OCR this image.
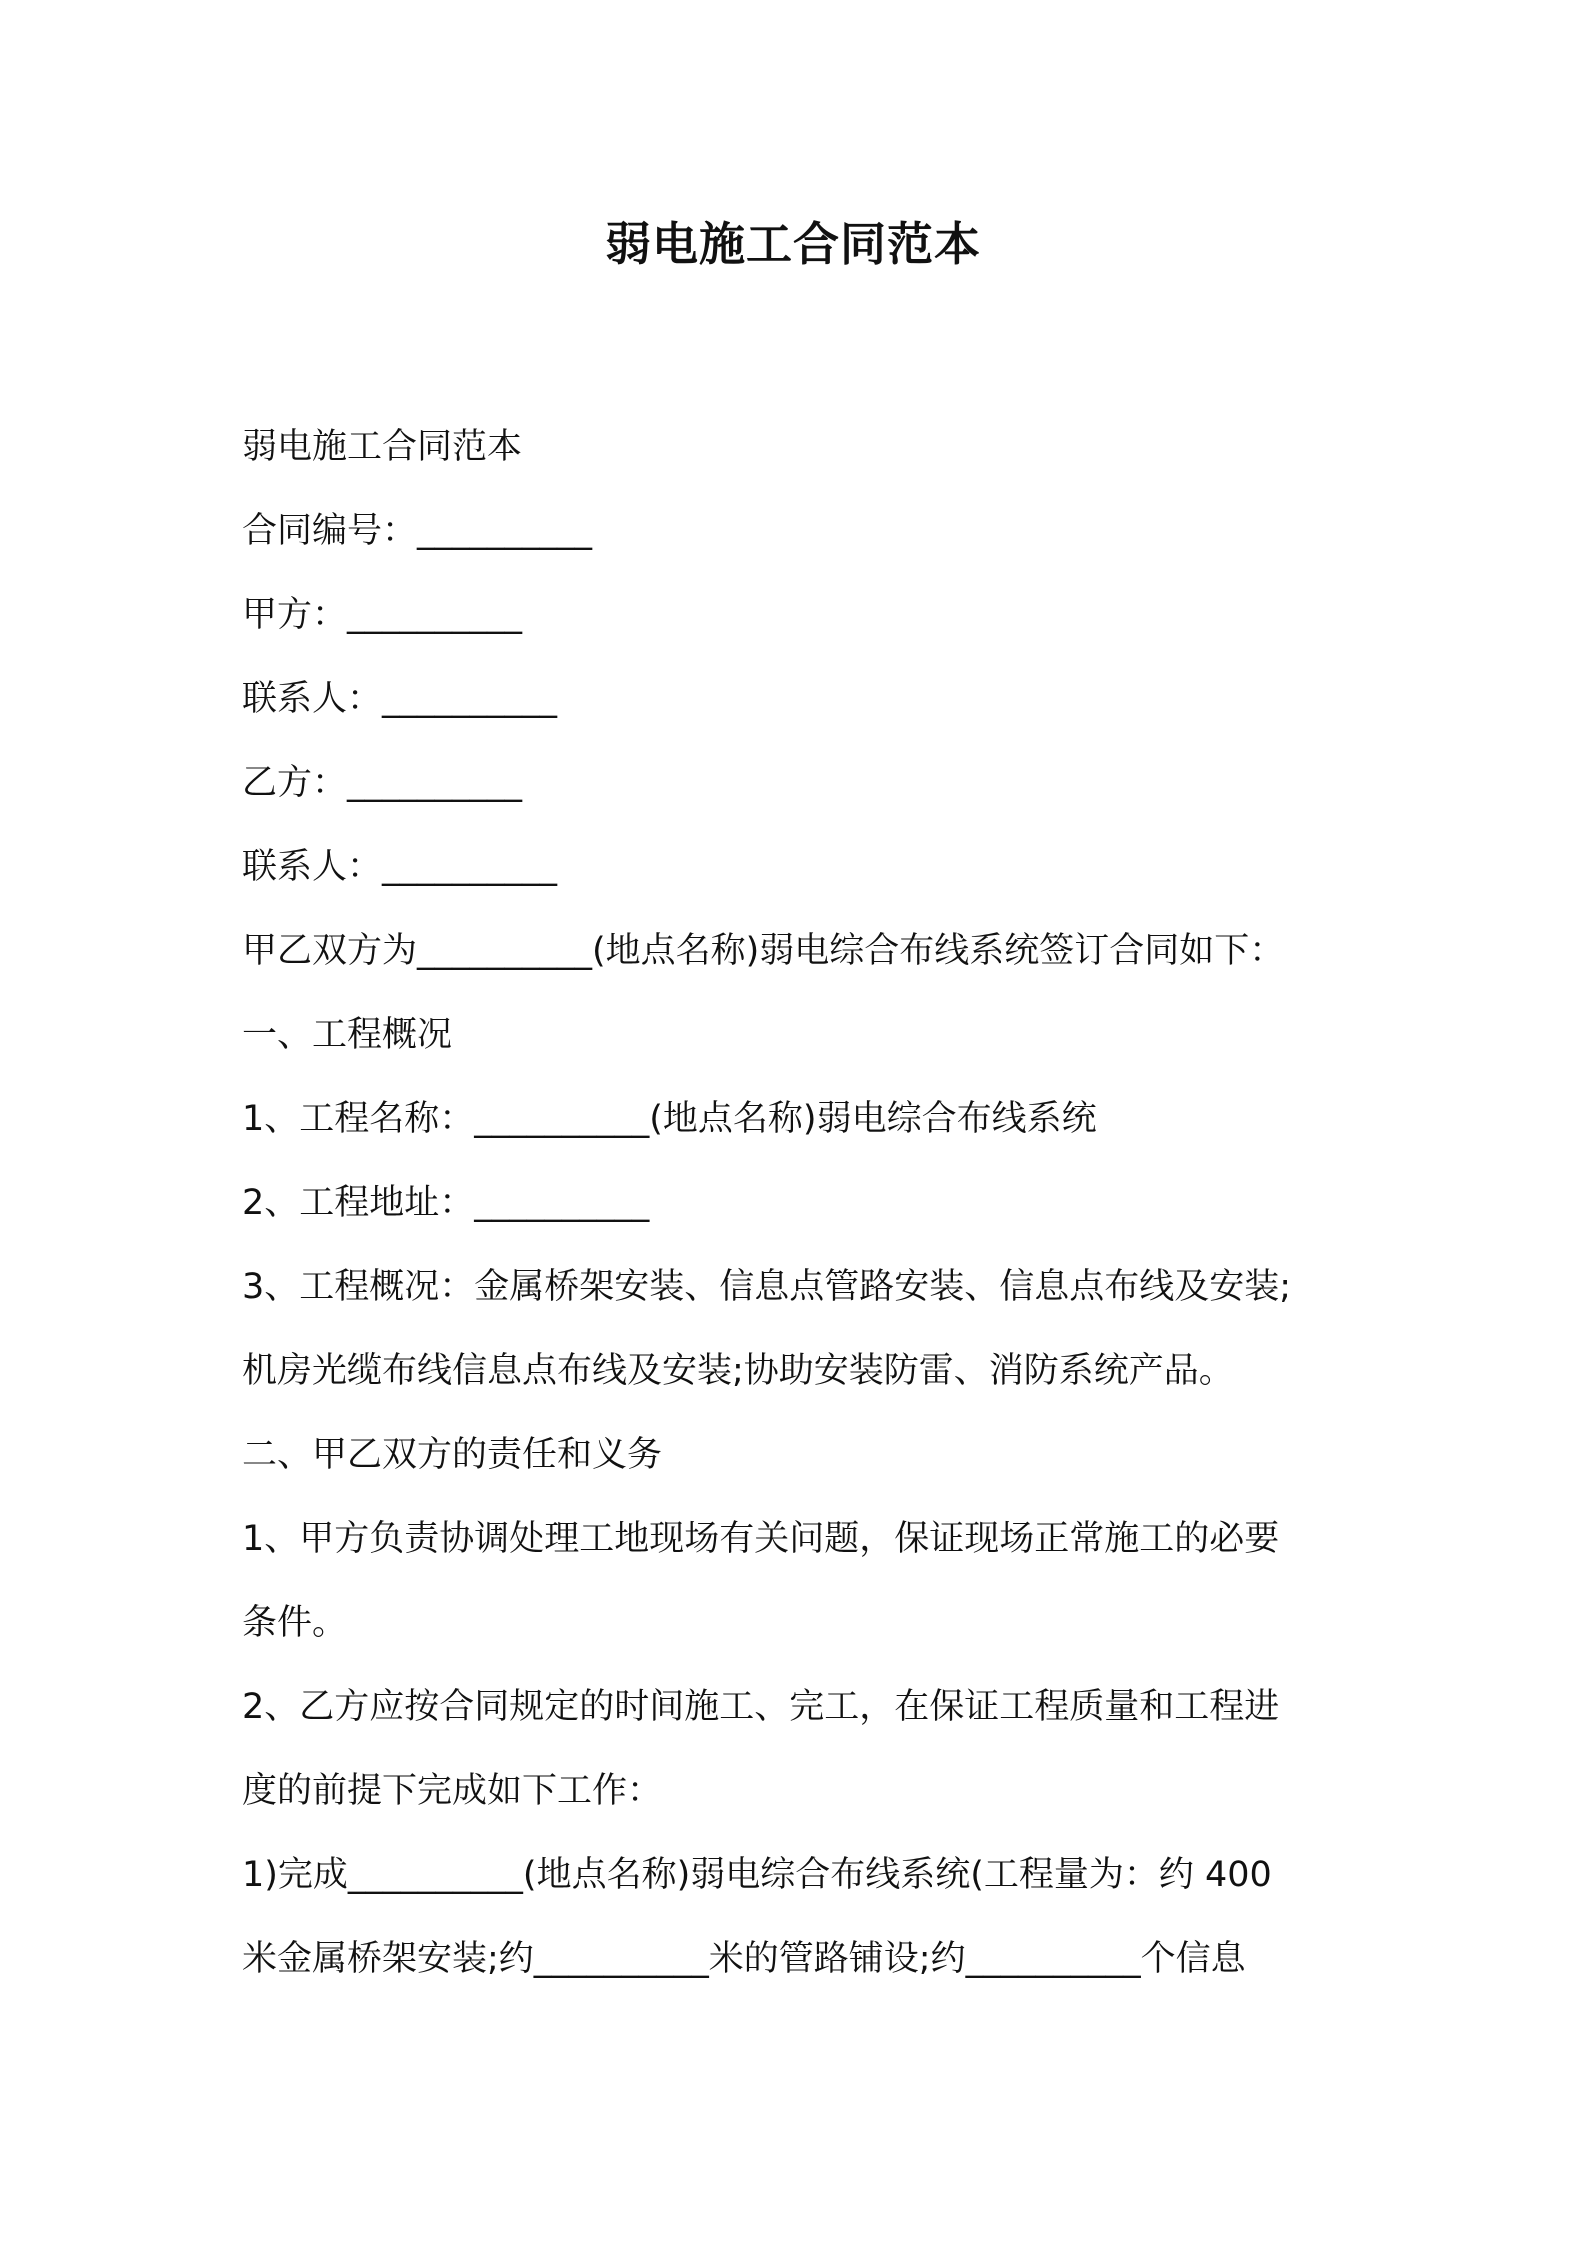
弱电施工合同范本

弱电施工合同范本

合同编号：__________

甲方：__________

联系人：__________

乙方：__________

联系人：__________

甲乙双方为__________(地点名称)弱电综合布线系统签订合同如下：

一、工程概况

1、工程名称：__________(地点名称)弱电综合布线系统

2、工程地址：__________

3、工程概况：金属桥架安装、信息点管路安装、信息点布线及安装;

机房光缆布线信息点布线及安装;协助安装防雷、消防系统产品。

二、甲乙双方的责任和义务

1、甲方负责协调处理工地现场有关问题，保证现场正常施工的必要

条件。

2、乙方应按合同规定的时间施工、完工，在保证工程质量和工程进

度的前提下完成如下工作：

1)完成__________(地点名称)弱电综合布线系统(工程量为：约 400

米金属桥架安装;约__________米的管路铺设;约__________个信息
